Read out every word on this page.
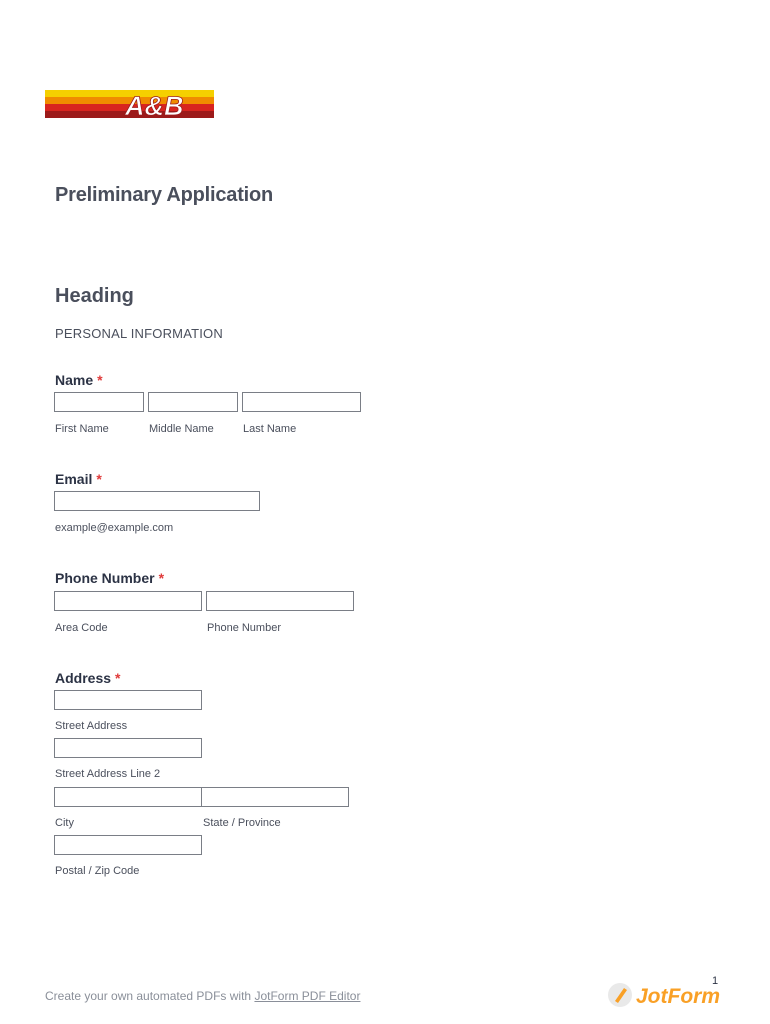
A&B
Preliminary Application
Heading
PERSONAL INFORMATION
Name *
First Name	Middle Name	Last Name
Email *
example@example.com
Phone Number *
Area Code	Phone Number
Address *
Street Address
Street Address Line 2
City	State / Province
Postal / Zip Code
Create your own automated PDFs with JotForm PDF Editor
1
JotForm
